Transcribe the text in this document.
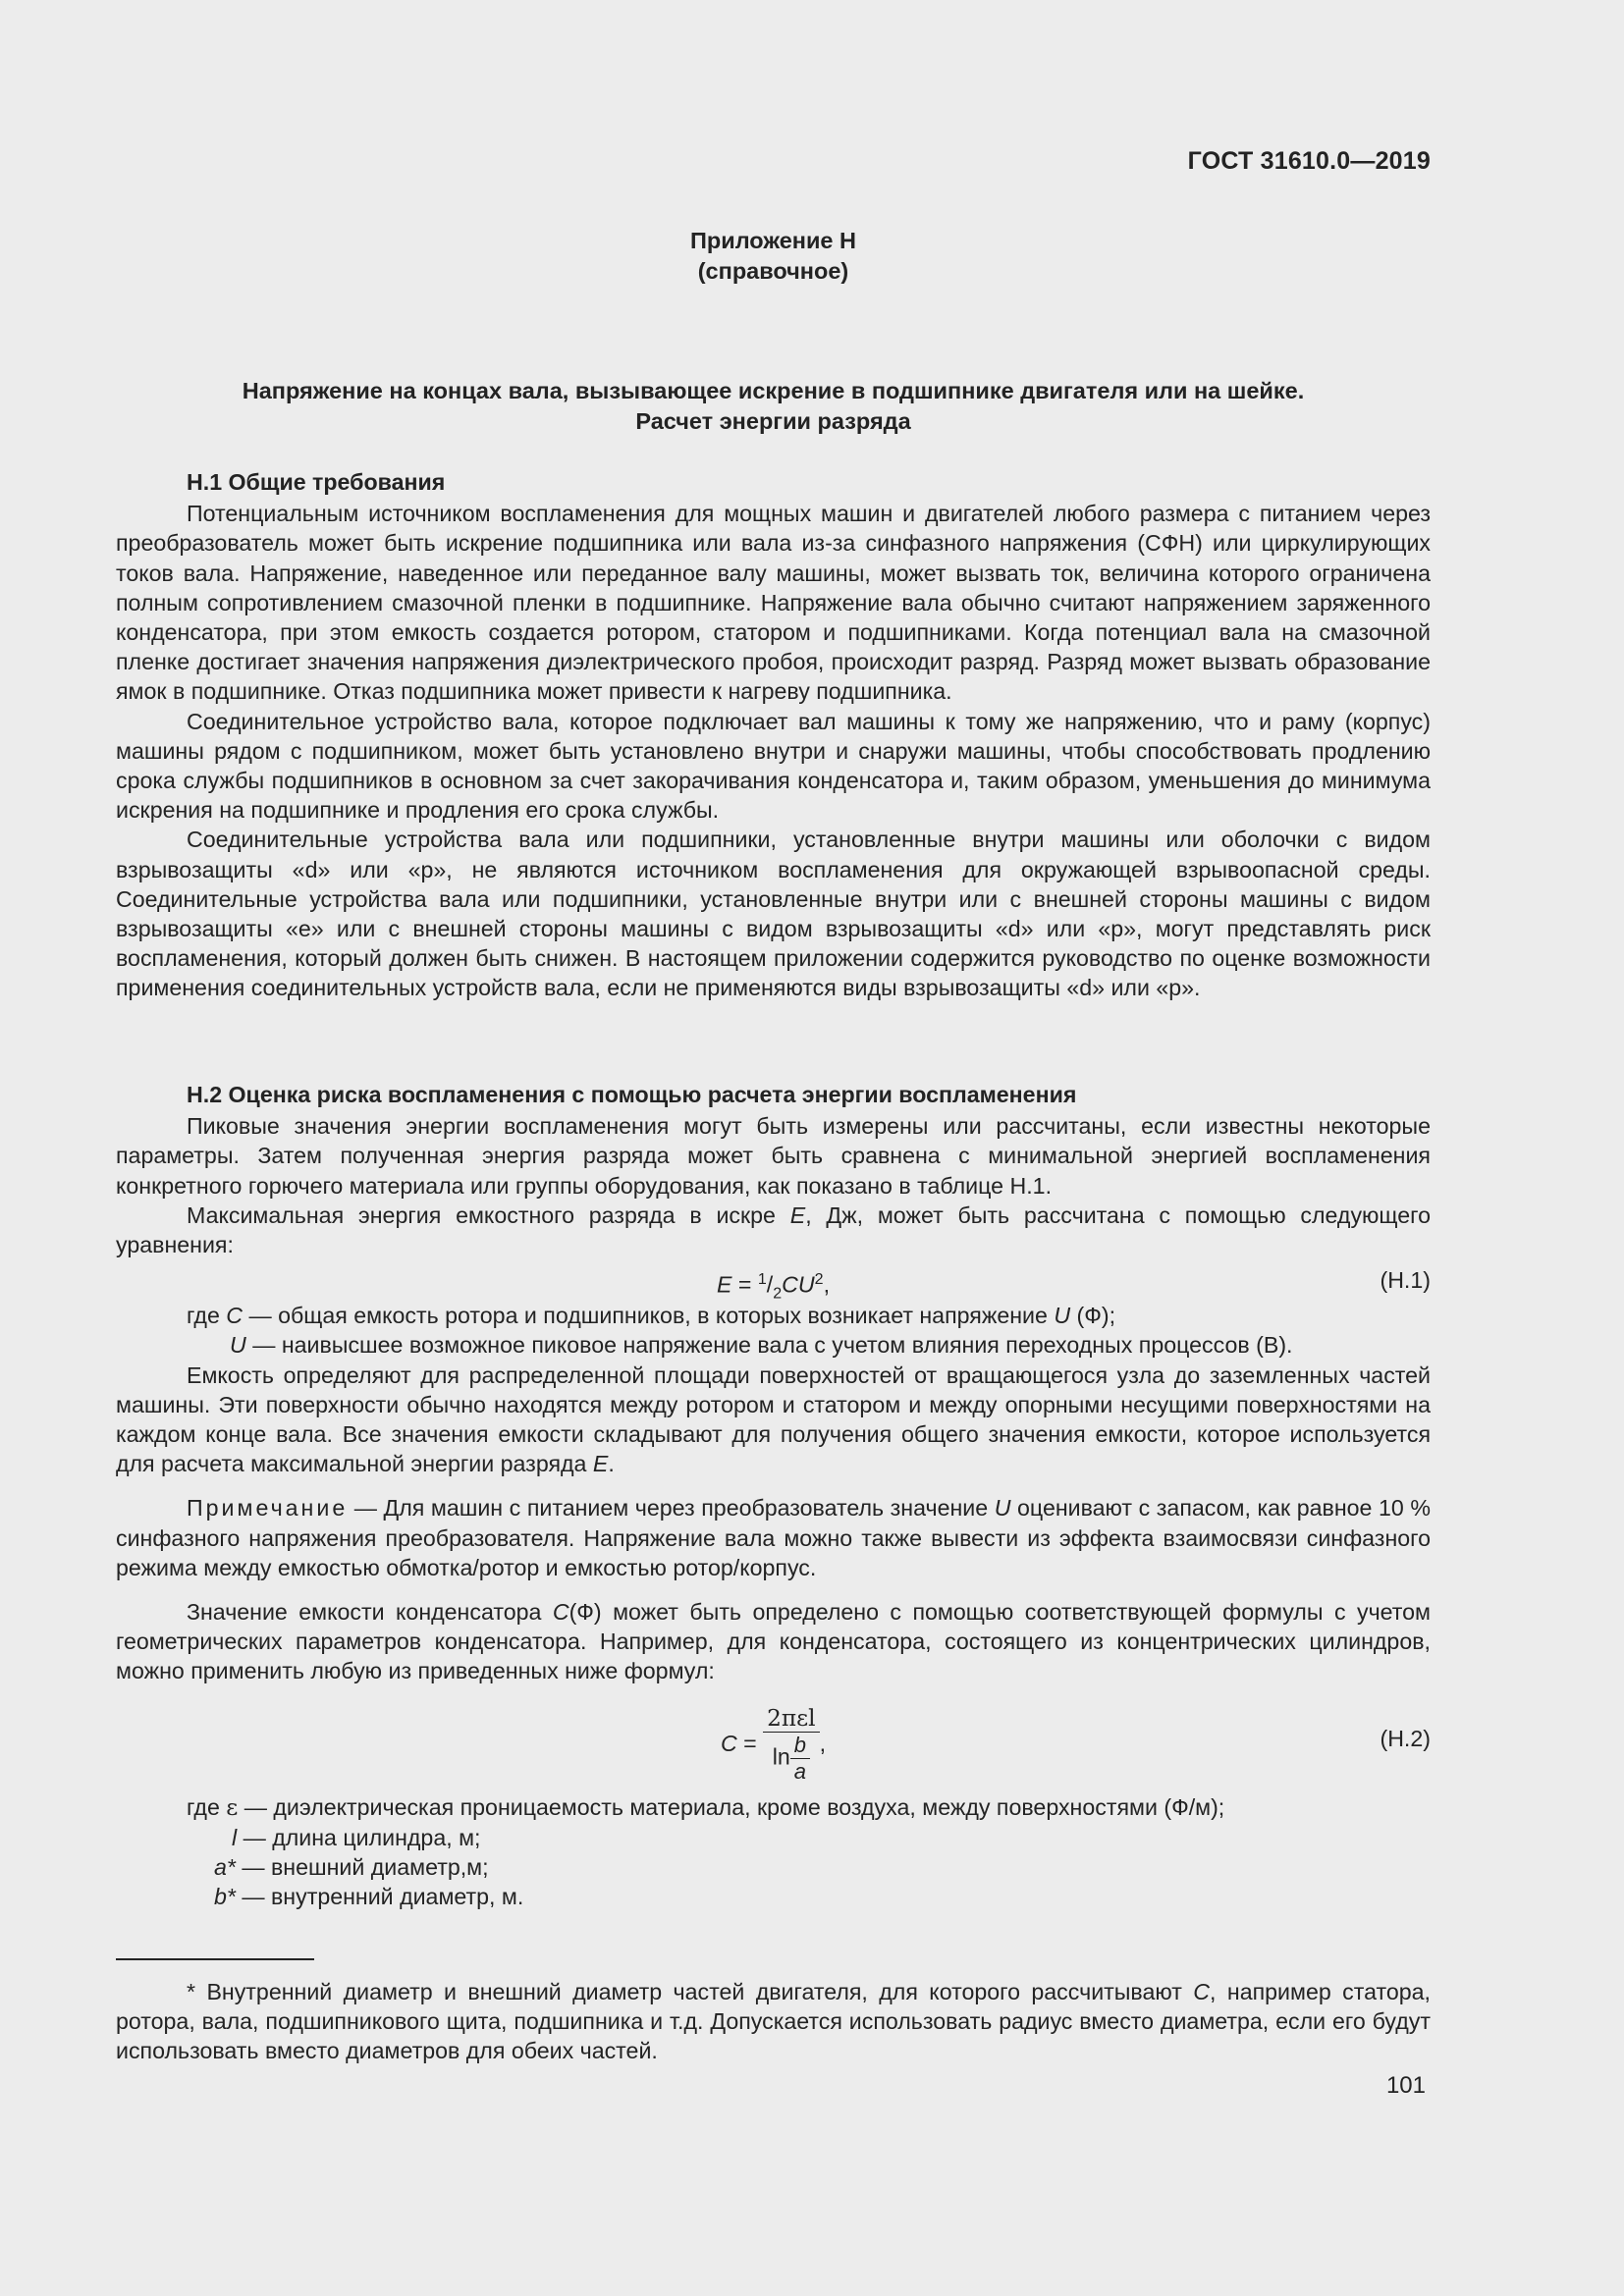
ГОСТ 31610.0—2019
Приложение Н
(справочное)
Напряжение на концах вала, вызывающее искрение в подшипнике двигателя или на шейке.
Расчет энергии разряда

Н.1 Общие требования

Потенциальным источником воспламенения для мощных машин и двигателей любого размера с питанием через преобразователь может быть искрение подшипника или вала из-за синфазного напряжения (СФН) или циркулирующих токов вала. Напряжение, наведенное или переданное валу машины, может вызвать ток, величина которого ограничена полным сопротивлением смазочной пленки в подшипнике. Напряжение вала обычно считают напряжением заряженного конденсатора, при этом емкость создается ротором, статором и подшипниками. Когда потенциал вала на смазочной пленке достигает значения напряжения диэлектрического пробоя, происходит разряд. Разряд может вызвать образование ямок в подшипнике. Отказ подшипника может привести к нагреву подшипника.

Соединительное устройство вала, которое подключает вал машины к тому же напряжению, что и раму (корпус) машины рядом с подшипником, может быть установлено внутри и снаружи машины, чтобы способствовать продлению срока службы подшипников в основном за счет закорачивания конденсатора и, таким образом, уменьшения до минимума искрения на подшипнике и продления его срока службы.

Соединительные устройства вала или подшипники, установленные внутри машины или оболочки с видом взрывозащиты «d» или «p», не являются источником воспламенения для окружающей взрывоопасной среды. Соединительные устройства вала или подшипники, установленные внутри или с внешней стороны машины с видом взрывозащиты «e» или с внешней стороны машины с видом взрывозащиты «d» или «p», могут представлять риск воспламенения, который должен быть снижен. В настоящем приложении содержится руководство по оценке возможности применения соединительных устройств вала, если не применяются виды взрывозащиты «d» или «p».

Н.2 Оценка риска воспламенения с помощью расчета энергии воспламенения

Пиковые значения энергии воспламенения могут быть измерены или рассчитаны, если известны некоторые параметры. Затем полученная энергия разряда может быть сравнена с минимальной энергией воспламенения конкретного горючего материала или группы оборудования, как показано в таблице Н.1.

Максимальная энергия емкостного разряда в искре E, Дж, может быть рассчитана с помощью следующего уравнения:

$E = ^1/_2CU^2$,	(Н.1)

где C — общая емкость ротора и подшипников, в которых возникает напряжение U (Ф);

U — наивысшее возможное пиковое напряжение вала с учетом влияния переходных процессов (В).

Емкость определяют для распределенной площади поверхностей от вращающегося узла до заземленных частей машины. Эти поверхности обычно находятся между ротором и статором и между опорными несущими поверхностями на каждом конце вала. Все значения емкости складывают для получения общего значения емкости, которое используется для расчета максимальной энергии разряда E.

Примечание — Для машин с питанием через преобразователь значение U оценивают с запасом, как равное 10 % синфазного напряжения преобразователя. Напряжение вала можно также вывести из эффекта взаимосвязи синфазного режима между емкостью обмотка/ротор и емкостью ротор/корпус.

Значение емкости конденсатора C(Ф) может быть определено с помощью соответствующей формулы с учетом геометрических параметров конденсатора. Например, для конденсатора, состоящего из концентрических цилиндров, можно применить любую из приведенных ниже формул:

$C = \frac{\text{2πεl}}{\ln \frac{b}{a}}$ ,	(Н.2)

где ε — диэлектрическая проницаемость материала, кроме воздуха, между поверхностями (Ф/м);

l — длина цилиндра, м;

a* — внешний диаметр,м;

b* — внутренний диаметр, м.

* Внутренний диаметр и внешний диаметр частей двигателя, для которого рассчитывают C, например статора, ротора, вала, подшипникового щита, подшипника и т.д. Допускается использовать радиус вместо диаметра, если его будут использовать вместо диаметров для обеих частей.

101
